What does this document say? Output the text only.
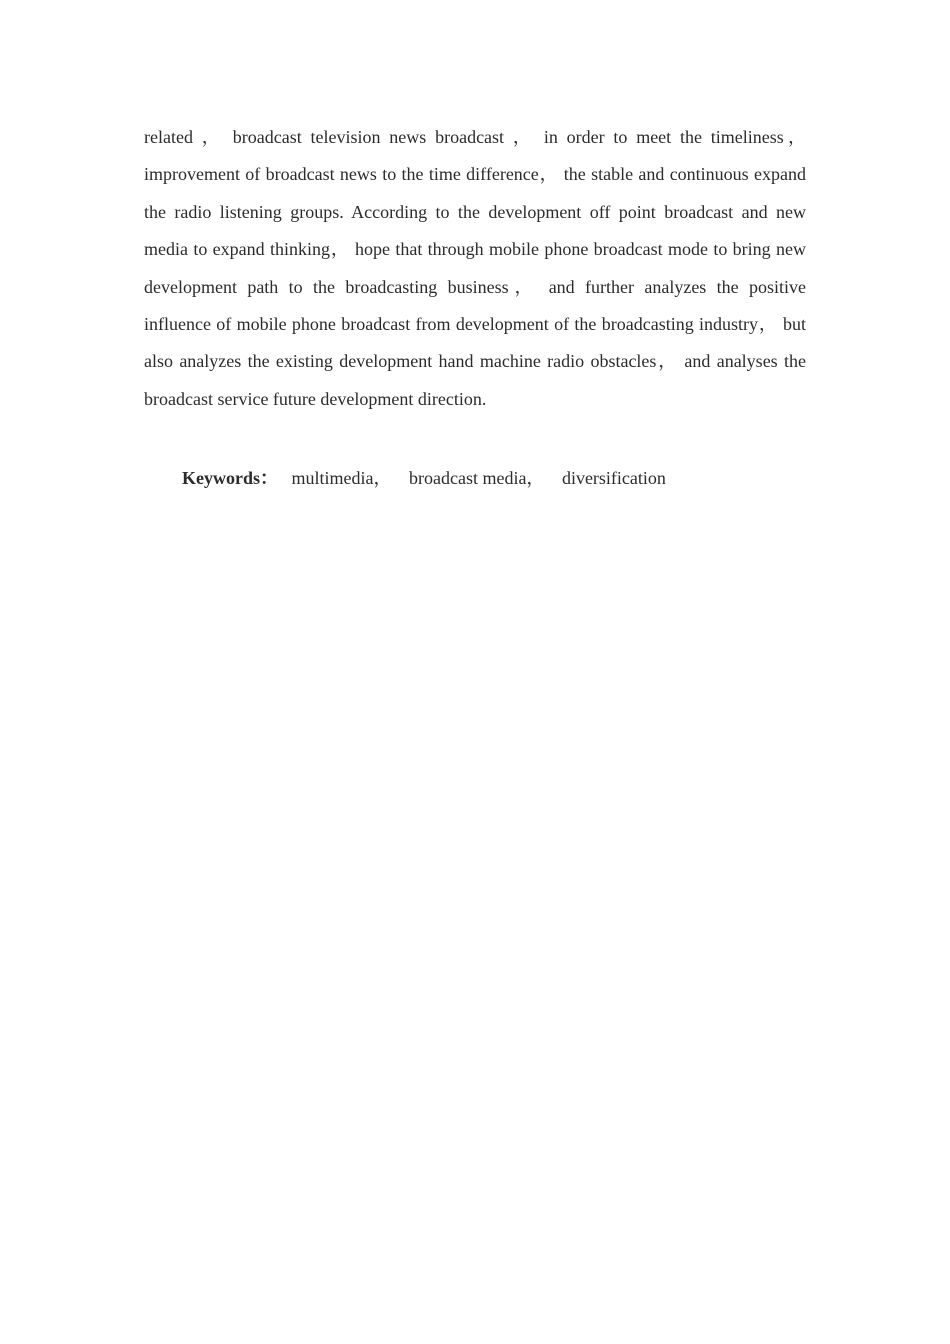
related ， broadcast television news broadcast ， in order to meet the timeliness，improvement of broadcast news to the time difference， the stable and continuous expand the radio listening groups. According to the development off point broadcast and new media to expand thinking， hope that through mobile phone broadcast mode to bring new development path to the broadcasting business， and further analyzes the positive influence of mobile phone broadcast from development of the broadcasting industry， but also analyzes the existing development hand machine radio obstacles， and analyses the broadcast service future development direction.

Keywords： multimedia， broadcast media， diversification
